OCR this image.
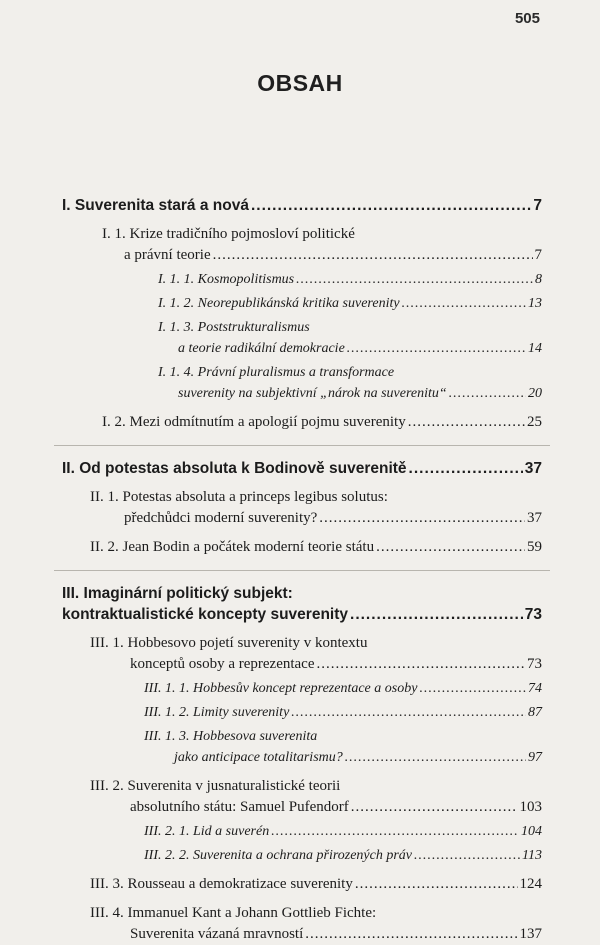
505
OBSAH
I. Suverenita stará a nová .....	7
I. 1. Krize tradičního pojmosloví politické
a právní teorie .....	7
I. 1. 1. Kosmopolitismus .....	8
I. 1. 2. Neorepublikánská kritika suverenity .....	13
I. 1. 3. Poststrukturalismus
a teorie radikální demokracie .....	14
I. 1. 4. Právní pluralismus a transformace
suverenity na subjektivní „nárok na suverenitu“ .....	20
I. 2. Mezi odmítnutím a apologií pojmu suverenity .....	25
II. Od potestas absoluta k Bodinově suverenitě .....	37
II. 1. Potestas absoluta a princeps legibus solutus:
předchůdci moderní suverenity? .....	37
II. 2. Jean Bodin a počátek moderní teorie státu .....	59
III. Imaginární politický subjekt:
kontraktualistické koncepty suverenity .....	73
III. 1. Hobbesovo pojetí suverenity v kontextu
konceptů osoby a reprezentace .....	73
III. 1. 1. Hobbesův koncept reprezentace a osoby .....	74
III. 1. 2. Limity suverenity .....	87
III. 1. 3. Hobbesova suverenita
jako anticipace totalitarismu? .....	97
III. 2. Suverenita v jusnaturalistické teorii
absolutního státu: Samuel Pufendorf .....	103
III. 2. 1. Lid a suverén .....	104
III. 2. 2. Suverenita a ochrana přirozených práv .....	113
III. 3. Rousseau a demokratizace suverenity .....	124
III. 4. Immanuel Kant a Johann Gottlieb Fichte:
Suverenita vázaná mravností .....	137
